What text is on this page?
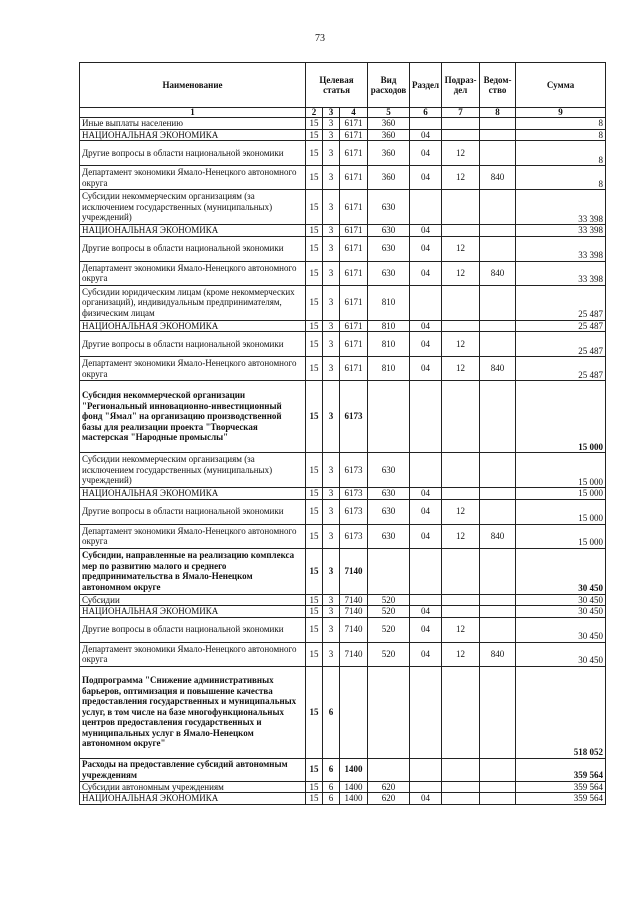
73
Наименование	Целевая статья			Вид расходов	Раздел	Подраз-дел	Ведом-ство	Сумма
1	2	3	4	5	6	7	8	9
Иные выплаты населению	15	3	6171	360				8
НАЦИОНАЛЬНАЯ ЭКОНОМИКА	15	3	6171	360	04			8
Другие вопросы в области национальной экономики	15	3	6171	360	04	12		8
Департамент экономики Ямало-Ненецкого автономного округа	15	3	6171	360	04	12	840	8
Субсидии некоммерческим организациям (за исключением государственных (муниципальных) учреждений)	15	3	6171	630				33 398
НАЦИОНАЛЬНАЯ ЭКОНОМИКА	15	3	6171	630	04			33 398
Другие вопросы в области национальной экономики	15	3	6171	630	04	12		33 398
Департамент экономики Ямало-Ненецкого автономного округа	15	3	6171	630	04	12	840	33 398
Субсидии юридическим лицам (кроме некоммерческих организаций), индивидуальным предпринимателям, физическим лицам	15	3	6171	810				25 487
НАЦИОНАЛЬНАЯ ЭКОНОМИКА	15	3	6171	810	04			25 487
Другие вопросы в области национальной экономики	15	3	6171	810	04	12		25 487
Департамент экономики Ямало-Ненецкого автономного округа	15	3	6171	810	04	12	840	25 487
Субсидия некоммерческой организации "Региональный инновационно-инвестиционный фонд "Ямал" на организацию производственной базы для реализации проекта "Творческая мастерская "Народные промыслы"	15	3	6173					15 000
Субсидии некоммерческим организациям (за исключением государственных (муниципальных) учреждений)	15	3	6173	630				15 000
НАЦИОНАЛЬНАЯ ЭКОНОМИКА	15	3	6173	630	04			15 000
Другие вопросы в области национальной экономики	15	3	6173	630	04	12		15 000
Департамент экономики Ямало-Ненецкого автономного округа	15	3	6173	630	04	12	840	15 000
Субсидии, направленные на реализацию комплекса мер по развитию малого и среднего предпринимательства в Ямало-Ненецком автономном округе	15	3	7140					30 450
Субсидии	15	3	7140	520				30 450
НАЦИОНАЛЬНАЯ ЭКОНОМИКА	15	3	7140	520	04			30 450
Другие вопросы в области национальной экономики	15	3	7140	520	04	12		30 450
Департамент экономики Ямало-Ненецкого автономного округа	15	3	7140	520	04	12	840	30 450
Подпрограмма "Снижение административных барьеров, оптимизация и повышение качества предоставления государственных и муниципальных услуг, в том числе на базе многофункциональных центров предоставления государственных и муниципальных услуг в Ямало-Ненецком автономном округе"	15	6						518 052
Расходы на предоставление субсидий автономным учреждениям	15	6	1400					359 564
Субсидии автономным учреждениям	15	6	1400	620				359 564
НАЦИОНАЛЬНАЯ ЭКОНОМИКА	15	6	1400	620	04			359 564
